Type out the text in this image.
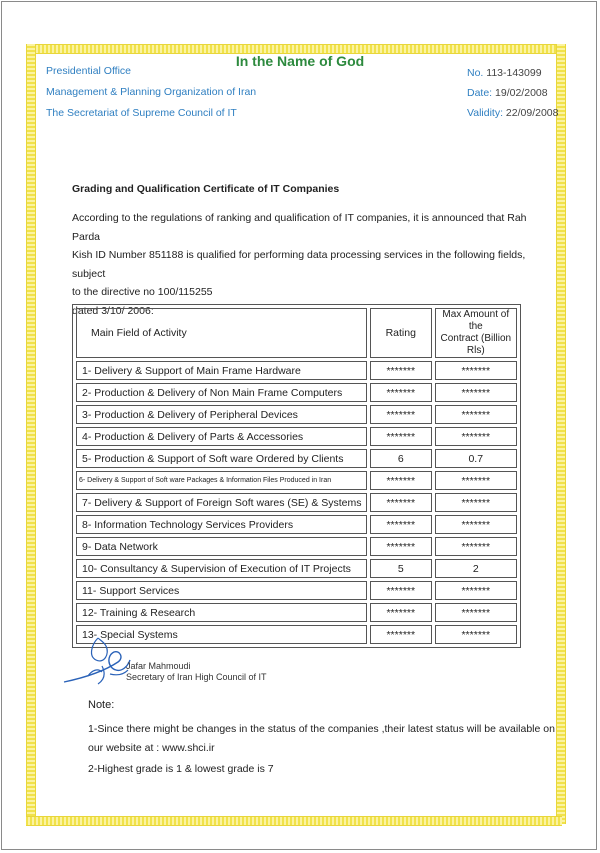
In the Name of God
Presidential Office
Management & Planning Organization of Iran
The Secretariat of Supreme Council of IT
No. 113-143099
Date: 19/02/2008
Validity: 22/09/2008
Grading and Qualification Certificate of IT Companies
According to the regulations of ranking and qualification of IT companies, it is announced that Rah Parda
Kish ID Number 851188 is qualified for performing data processing services in the following fields, subject
to the directive no 100/115255
dated 3/10/ 2006:
Main Field of Activity	Rating	Max Amount of the
Contract (Billion Rls)
1- Delivery & Support of Main Frame Hardware	*******	*******
2- Production & Delivery of Non Main Frame Computers	*******	*******
3- Production & Delivery of Peripheral Devices	*******	*******
4- Production & Delivery of Parts & Accessories	*******	*******
5- Production & Support of Soft ware Ordered by Clients	6	0.7
6- Delivery & Support of Soft ware Packages & Information Files Produced in Iran	*******	*******
7- Delivery & Support of Foreign Soft wares (SE) & Systems	*******	*******
8- Information Technology Services Providers	*******	*******
9- Data Network	*******	*******
10- Consultancy & Supervision of Execution of IT Projects	5	2
11- Support Services	*******	*******
12- Training & Research	*******	*******
13- Special Systems	*******	*******
Jafar Mahmoudi
Secretary of Iran High Council of IT
Note:
1-Since there might be changes in the status of the companies ,their latest status will be available on
our website at : www.shci.ir
2-Highest grade is 1 & lowest grade is 7
